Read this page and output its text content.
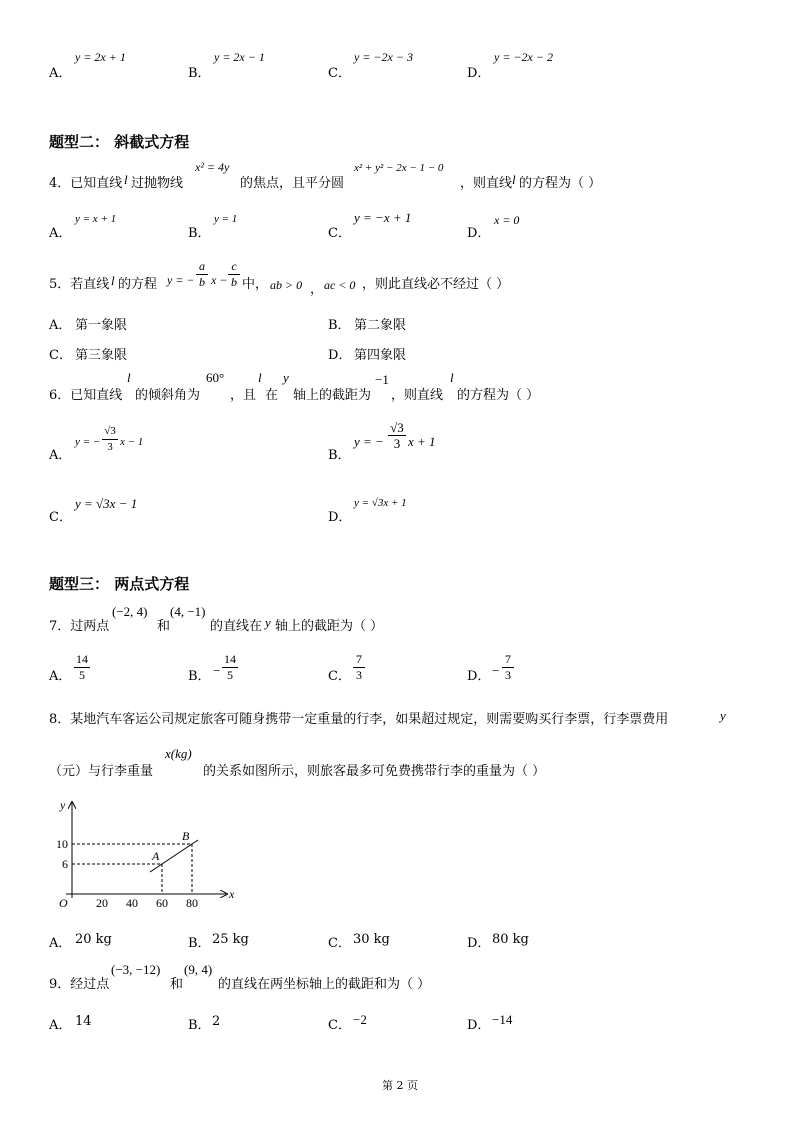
A．
y = 2x + 1
B．
y = 2x − 1
C．
y = −2x − 3
D．
y = −2x − 2
题型二： 斜截式方程
4．已知直线 l 过抛物线
x² = 4y
的焦点，且平分圆
x² + y² − 2x − 1 − 0
，则直线 l 的方程为（ ）
A．
y = x + 1
B．
y = 1
C．
y = −x + 1
D．
x = 0
5．若直线 l 的方程 y = − $\frac{a}{b}$ $x - \frac{c}{b}$ 中， ab > 0 ， ac < 0 ，则此直线必不经过（ ）
A． 第一象限	B． 第二象限
C． 第三象限	D． 第四象限
6．已知直线
l
的倾斜角为
60°
，且
l
在
y
轴上的截距为
−1
，则直线
l
的方程为（ ）
A．
y = − $\frac{√3}{3}$ x − 1
B．
y = − $\frac{√3}{3}$ x + 1
C．
y = √3x − 1
D．
y = √3x + 1
题型三： 两点式方程
7．过两点
(−2, 4)
和
(4, −1)
的直线在 y 轴上的截距为（ ）
A． $\frac{14}{5}$	B． − $\frac{14}{5}$	C． $\frac{7}{3}$	D． − $\frac{7}{3}$
8．某地汽车客运公司规定旅客可随身携带一定重量的行李，如果超过规定，则需要购买行李票，行李票费用	y
（元）与行李重量
x(kg)
的关系如图所示，则旅客最多可免费携带行李的重量为（ ）
x
y
O 20 40 60 80
6
10
A
B
A． 20 kg	B． 25 kg	C． 30 kg	D． 80 kg
9．经过点
(−3, −12)
和
(9, 4)
的直线在两坐标轴上的截距和为（ ）
A． 14	B． 2	C． −2	D． −14
第 2 页
